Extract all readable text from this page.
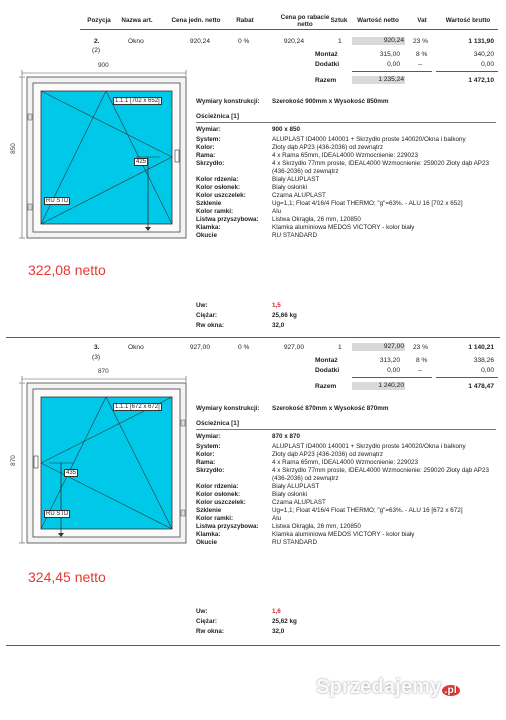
Pozycja	Nazwa art.	Cena jedn. netto	Rabat	Cena po rabacie netto
Sztuk	Wartość netto	Vat	Wartość brutto
2.
(2)
Okno	920,24	0 %	920,24	1	920,24 23 %	1 131,90
Montaż	315,00 8 %	340,20
Dodatki	0,00	--	0,00
Razem	1 235,24	1 472,10
900
850
1.1.1 [702 x 652]
425
RU STD
322,08 netto
Wymiary konstrukcji: Szerokość 900mm x Wysokość 850mm
Ościeżnica [1]
Wymiar:	900 x 850
System:	ALUPLAST ID4000 140001 + Skrzydło proste 140020/Okna i balkony
Kolor:	Złoty dąb AP23 (436-2036) od zewnątrz
Rama:	4 x Rama 65mm, IDEAL4000 Wzmocnienie: 229023
Skrzydło:	4 x Skrzydło 77mm proste, IDEAL4000 Wzmocnienie: 259020 Złoty dąb AP23 (436-2036) od zewnątrz
Kolor rdzenia:	Biały ALUPLAST
Kolor osłonek:	Biały osłonki
Kolor uszczelek:	Czarna ALUPLAST
Szklenie	Ug=1,1; Float 4/16/4 Float THERMO; "g"=63%. - ALU 16 [702 x 652]
Kolor ramki:	Alu
Listwa przyszybowa:	Listwa Okrągła, 26 mm, 120850
Klamka:	Klamka aluminiowa MEDOS VICTORY - kolor biały
Okucie	RU STANDARD
Uw:	1,5
Ciężar:	25,66 kg
Rw okna:	32,0
3.
(3)
Okno	927,00	0 %	927,00	1	927,00 23 %	1 140,21
Montaż	313,20 8 %	338,26
Dodatki	0,00	--	0,00
Razem	1 240,20	1 478,47
870
870
1.1.1 [672 x 672]
435
RU STD
324,45 netto
Wymiary konstrukcji: Szerokość 870mm x Wysokość 870mm
Ościeżnica [1]
Wymiar:	870 x 870
System:	ALUPLAST ID4000 140001 + Skrzydło proste 140020/Okna i balkony
Kolor:	Złoty dąb AP23 (436-2036) od zewnątrz
Rama:	4 x Rama 65mm, IDEAL4000 Wzmocnienie: 229023
Skrzydło:	4 x Skrzydło 77mm proste, IDEAL4000 Wzmocnienie: 259020 Złoty dąb AP23 (436-2036) od zewnątrz
Kolor rdzenia:	Biały ALUPLAST
Kolor osłonek:	Biały osłonki
Kolor uszczelek:	Czarna ALUPLAST
Szklenie	Ug=1,1; Float 4/16/4 Float THERMO; "g"=63%. - ALU 16 [672 x 672]
Kolor ramki:	Alu
Listwa przyszybowa:	Listwa Okrągła, 26 mm, 120850
Klamka:	Klamka aluminiowa MEDOS VICTORY - kolor biały
Okucie	RU STANDARD
Uw:	1,6
Ciężar:	25,62 kg
Rw okna:	32,0
Sprzedajemy .pl
